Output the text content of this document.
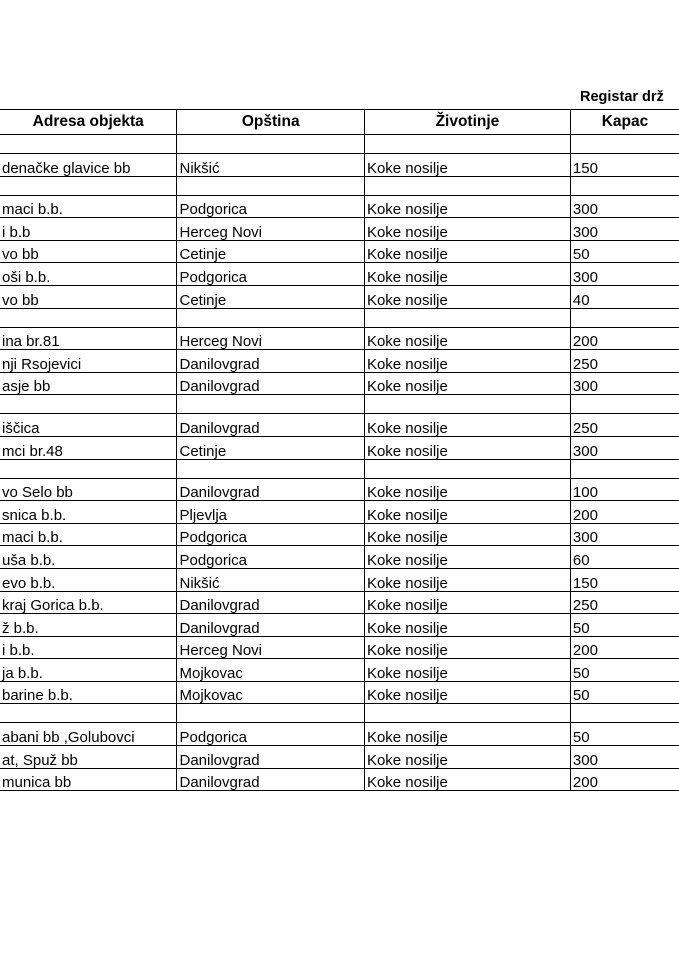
Registar drž
Adresa objekta	Opština	Životinje	Kapac

denačke glavice bb	Nikšić	Koke nosilje	150

maci b.b.	Podgorica	Koke nosilje	300
i b.b	Herceg Novi	Koke nosilje	300
vo bb	Cetinje	Koke nosilje	50
oši b.b.	Podgorica	Koke nosilje	300
vo bb	Cetinje	Koke nosilje	40

ina br.81	Herceg Novi	Koke nosilje	200
nji Rsojevici	Danilovgrad	Koke nosilje	250
asje bb	Danilovgrad	Koke nosilje	300

iščica	Danilovgrad	Koke nosilje	250
mci br.48	Cetinje	Koke nosilje	300

vo Selo bb	Danilovgrad	Koke nosilje	100
snica b.b.	Pljevlja	Koke nosilje	200
maci b.b.	Podgorica	Koke nosilje	300
uša b.b.	Podgorica	Koke nosilje	60
evo b.b.	Nikšić	Koke nosilje	150
kraj Gorica b.b.	Danilovgrad	Koke nosilje	250
ž b.b.	Danilovgrad	Koke nosilje	50
i b.b.	Herceg Novi	Koke nosilje	200
ja b.b.	Mojkovac	Koke nosilje	50
barine b.b.	Mojkovac	Koke nosilje	50

abani bb ,Golubovci	Podgorica	Koke nosilje	50
at, Spuž bb	Danilovgrad	Koke nosilje	300
munica bb	Danilovgrad	Koke nosilje	200
